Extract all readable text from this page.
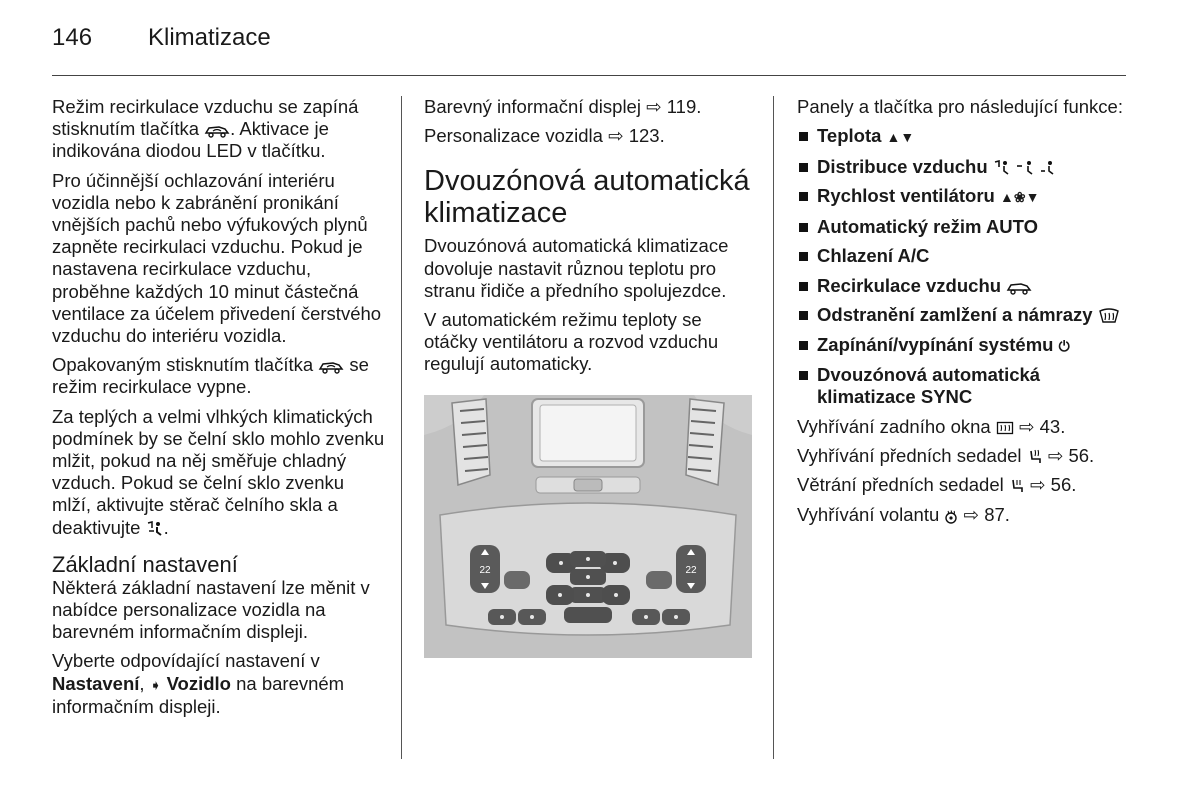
146 Klimatizace

Režim recirkulace vzduchu se zapíná stisknutím tlačítka . Aktivace je indikována diodou LED v tlačítku.

Pro účinnější ochlazování interiéru vozidla nebo k zabránění pronikání vnějších pachů nebo výfukových plynů zapněte recirkulaci vzduchu. Pokud je nastavena recirkulace vzduchu, proběhne každých 10 minut částečná ventilace za účelem přivedení čerstvého vzduchu do interiéru vozidla.

Opakovaným stisknutím tlačítka  se režim recirkulace vypne.

Za teplých a velmi vlhkých klimatických podmínek by se čelní sklo mohlo zvenku mlžit, pokud na něj směřuje chladný vzduch. Pokud se čelní sklo zvenku mlží, aktivujte stěrač čelního skla a deaktivujte .

Základní nastavení

Některá základní nastavení lze měnit v nabídce personalizace vozidla na barevném informačním displeji.

Vyberte odpovídající nastavení v Nastavení, ➧ Vozidlo na barevném informačním displeji.

Barevný informační displej ⇨ 119.

Personalizace vozidla ⇨ 123.

Dvouzónová automatická klimatizace

Dvouzónová automatická klimatizace dovoluje nastavit různou teplotu pro stranu řidiče a předního spolujezdce.

V automatickém režimu teploty se otáčky ventilátoru a rozvod vzduchu regulují automaticky.

22	22

Panely a tlačítka pro následující funkce:

Teplota ▲▼
Distribuce vzduchu
Rychlost ventilátoru ▲❀▼
Automatický režim AUTO
Chlazení A/C
Recirkulace vzduchu
Odstranění zamlžení a námrazy
Zapínání/vypínání systému ⏻
Dvouzónová automatická klimatizace SYNC

Vyhřívání zadního okna  ⇨ 43.

Vyhřívání předních sedadel  ⇨ 56.

Větrání předních sedadel  ⇨ 56.

Vyhřívání volantu  ⇨ 87.
